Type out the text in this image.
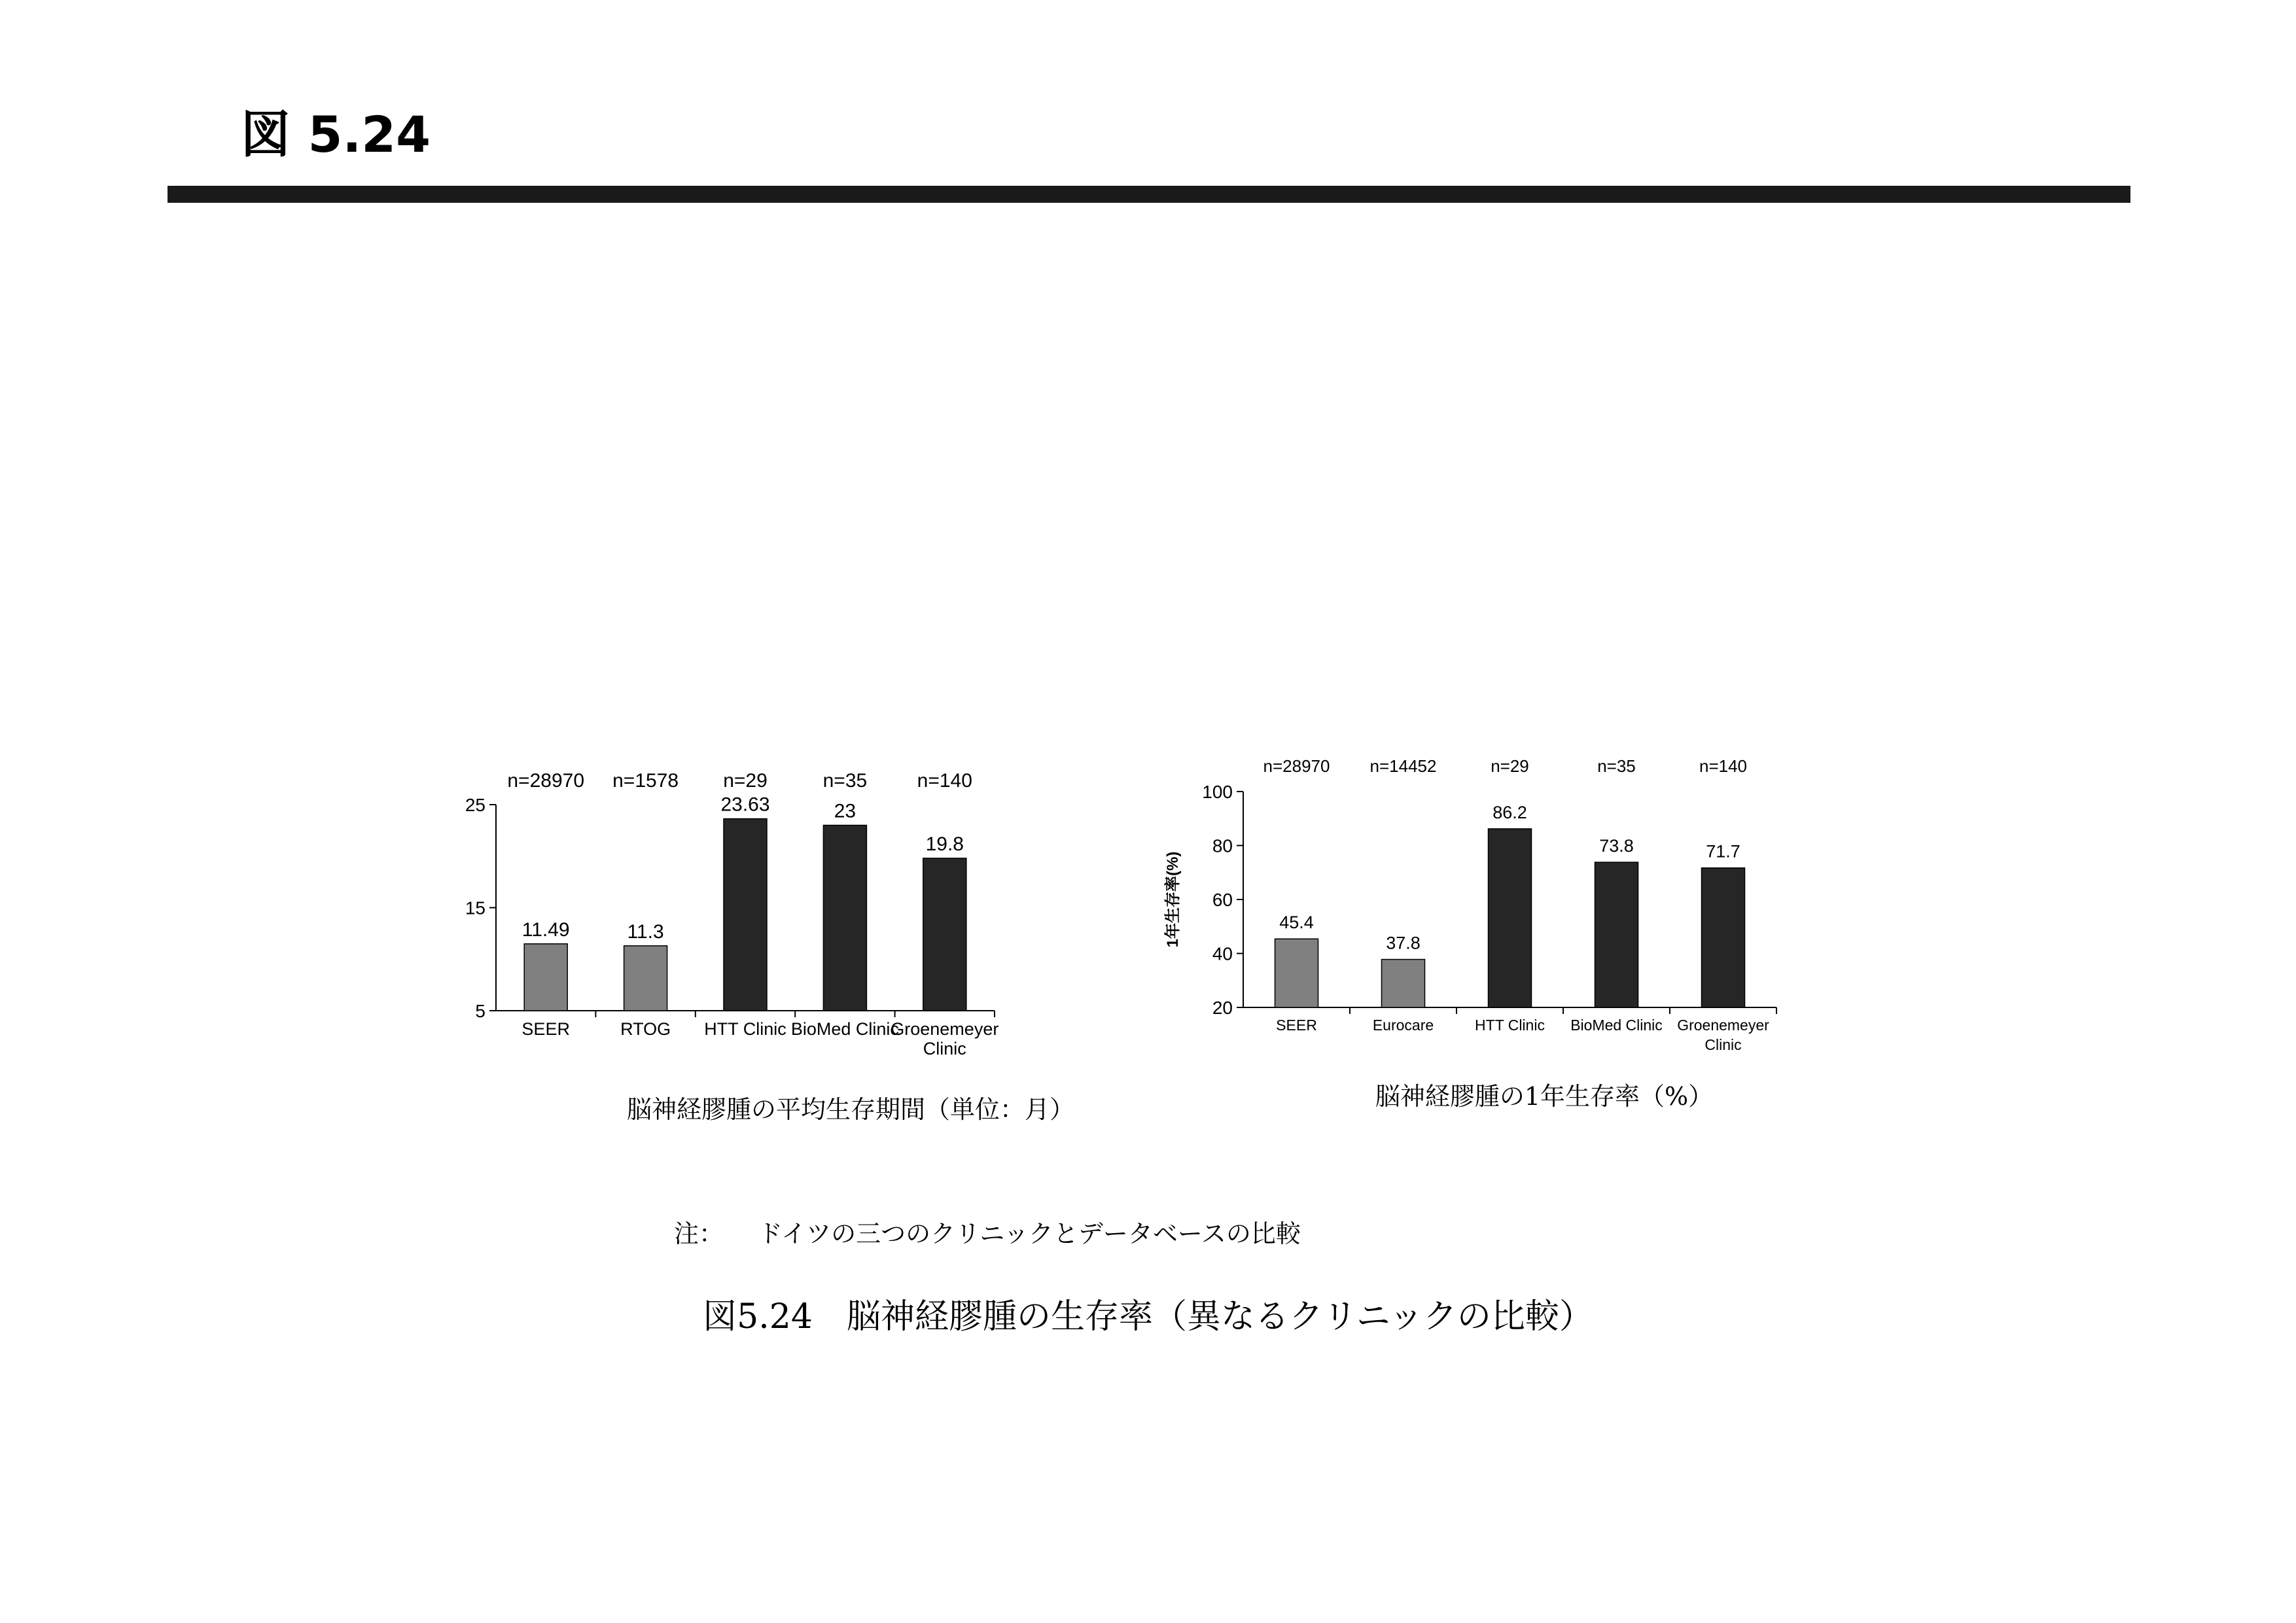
図 5.24
5
15
25
11.49
n=28970
SEER
11.3
n=1578
RTOG
23.63
n=29
HTT Clinic
23
n=35
BioMed Clinic
19.8
n=140
Groenemeyer Clinic
脳神経膠腫の平均生存期間（単位：月）
20
40
60
80
100
45.4
n=28970
SEER
37.8
n=14452
Eurocare
86.2
n=29
HTT Clinic
73.8
n=35
BioMed Clinic
71.7
n=140
Groenemeyer Clinic
1年生存率(%)
脳神経膠腫の1年生存率（%）
注： ドイツの三つのクリニックとデータベースの比較
図5.24　脳神経膠腫の生存率（異なるクリニックの比較）
